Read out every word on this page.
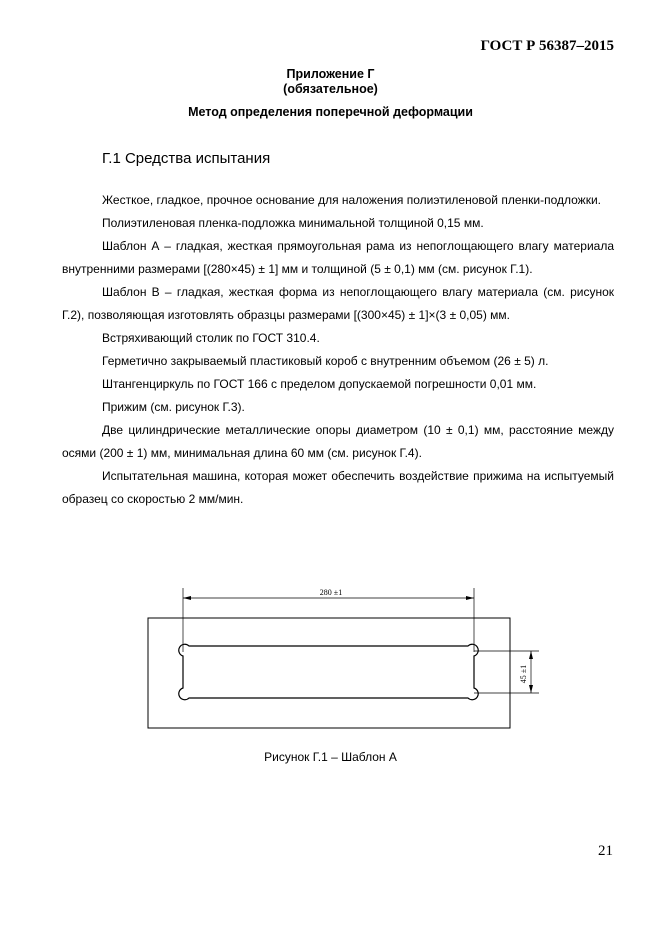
ГОСТ Р 56387–2015
Приложение Г
(обязательное)
Метод определения поперечной деформации
Г.1 Средства испытания

Жесткое, гладкое, прочное основание для наложения полиэтиленовой пленки-подложки.

Полиэтиленовая пленка-подложка минимальной толщиной 0,15 мм.

Шаблон А – гладкая, жесткая прямоугольная рама из непоглощающего влагу материала внутренними размерами [(280×45) ± 1] мм и толщиной (5 ± 0,1) мм (см. рисунок Г.1).

Шаблон B – гладкая, жесткая форма из непоглощающего влагу материала (см. рисунок Г.2), позволяющая изготовлять образцы размерами [(300×45) ± 1]×(3 ± 0,05) мм.

Встряхивающий столик по ГОСТ 310.4.

Герметично закрываемый пластиковый короб с внутренним объемом (26 ± 5) л.

Штангенциркуль по ГОСТ 166 с пределом допускаемой погрешности 0,01 мм.

Прижим (см. рисунок Г.3).

Две цилиндрические металлические опоры диаметром (10 ± 0,1) мм, расстояние между осями (200 ± 1) мм, минимальная длина 60 мм (см. рисунок Г.4).

Испытательная машина, которая может обеспечить воздействие прижима на испытуемый образец со скоростью 2 мм/мин.

280 ±1
45 ±1
Рисунок Г.1 – Шаблон А
21
